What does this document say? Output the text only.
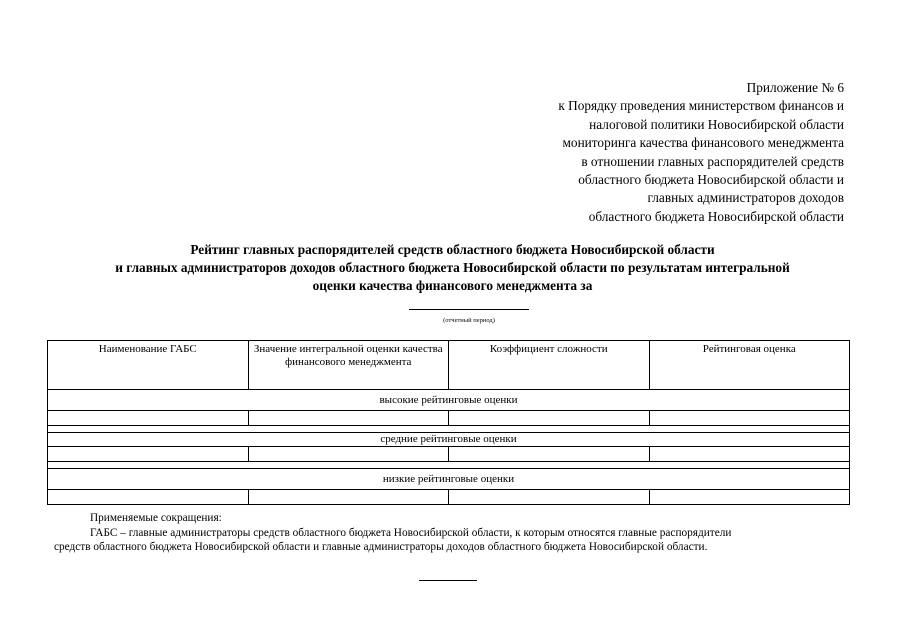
Приложение № 6
к Порядку проведения министерством финансов и
налоговой политики Новосибирской области
мониторинга качества финансового менеджмента
в отношении главных распорядителей средств
областного бюджета Новосибирской области и
главных администраторов доходов
областного бюджета Новосибирской области
Рейтинг главных распорядителей средств областного бюджета Новосибирской области
и главных администраторов доходов областного бюджета Новосибирской области по результатам интегральной
оценки качества финансового менеджмента за
(отчетный период)
Наименование ГАБС	Значение интегральной оценки качества финансового менеджмента	Коэффициент сложности	Рейтинговая оценка
высокие рейтинговые оценки			

средние рейтинговые оценки			

низкие рейтинговые оценки			

Применяемые сокращения:
ГАБС – главные администраторы средств областного бюджета Новосибирской области, к которым относятся главные распорядители
средств областного бюджета Новосибирской области и главные администраторы доходов областного бюджета Новосибирской области.
